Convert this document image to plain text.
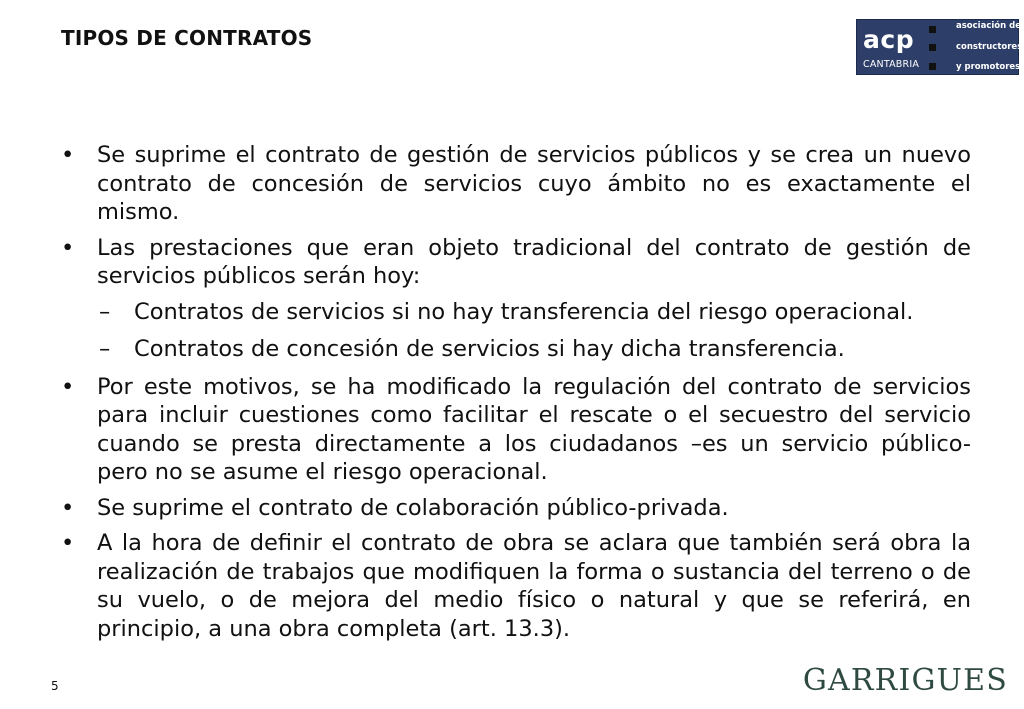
TIPOS DE CONTRATOS	acp
CANTABRIA
asociación de
constructores
y promotores
• Se suprime el contrato de gestión de servicios públicos y se crea un nuevo contrato de concesión de servicios cuyo ámbito no es exactamente el mismo.
• Las prestaciones que eran objeto tradicional del contrato de gestión de servicios públicos serán hoy:
– Contratos de servicios si no hay transferencia del riesgo operacional.
– Contratos de concesión de servicios si hay dicha transferencia.
• Por este motivos, se ha modificado la regulación del contrato de servicios para incluir cuestiones como facilitar el rescate o el secuestro del servicio cuando se presta directamente a los ciudadanos –es un servicio público- pero no se asume el riesgo operacional.
• Se suprime el contrato de colaboración público-privada.
• A la hora de definir el contrato de obra se aclara que también será obra la realización de trabajos que modifiquen la forma o sustancia del terreno o de su vuelo, o de mejora del medio físico o natural y que se referirá, en principio, a una obra completa (art. 13.3).
5	GARRIGUES
